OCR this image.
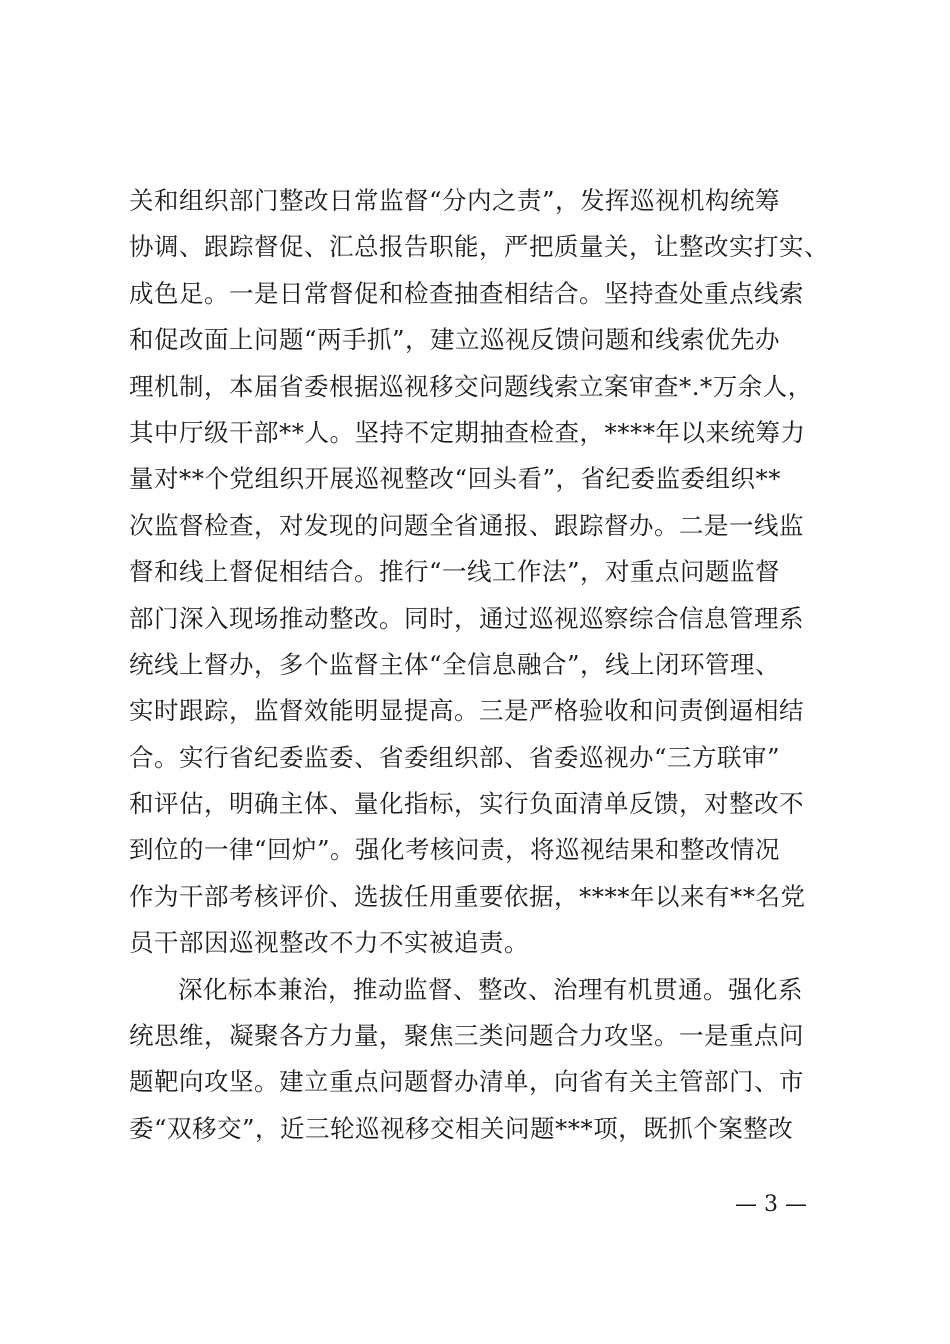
关和组织部门整改日常监督“分内之责”，发挥巡视机构统筹
协调、跟踪督促、汇总报告职能，严把质量关，让整改实打实、
成色足。一是日常督促和检查抽查相结合。坚持查处重点线索
和促改面上问题“两手抓”，建立巡视反馈问题和线索优先办
理机制，本届省委根据巡视移交问题线索立案审查*.*万余人，
其中厅级干部**人。坚持不定期抽查检查，****年以来统筹力
量对**个党组织开展巡视整改“回头看”，省纪委监委组织**
次监督检查，对发现的问题全省通报、跟踪督办。二是一线监
督和线上督促相结合。推行“一线工作法”，对重点问题监督
部门深入现场推动整改。同时，通过巡视巡察综合信息管理系
统线上督办，多个监督主体“全信息融合”，线上闭环管理、
实时跟踪，监督效能明显提高。三是严格验收和问责倒逼相结
合。实行省纪委监委、省委组织部、省委巡视办“三方联审”
和评估，明确主体、量化指标，实行负面清单反馈，对整改不
到位的一律“回炉”。强化考核问责，将巡视结果和整改情况
作为干部考核评价、选拔任用重要依据，****年以来有**名党
员干部因巡视整改不力不实被追责。
深化标本兼治，推动监督、整改、治理有机贯通。强化系
统思维，凝聚各方力量，聚焦三类问题合力攻坚。一是重点问
题靶向攻坚。建立重点问题督办清单，向省有关主管部门、市
委“双移交”，近三轮巡视移交相关问题***项，既抓个案整改
— 3 —
